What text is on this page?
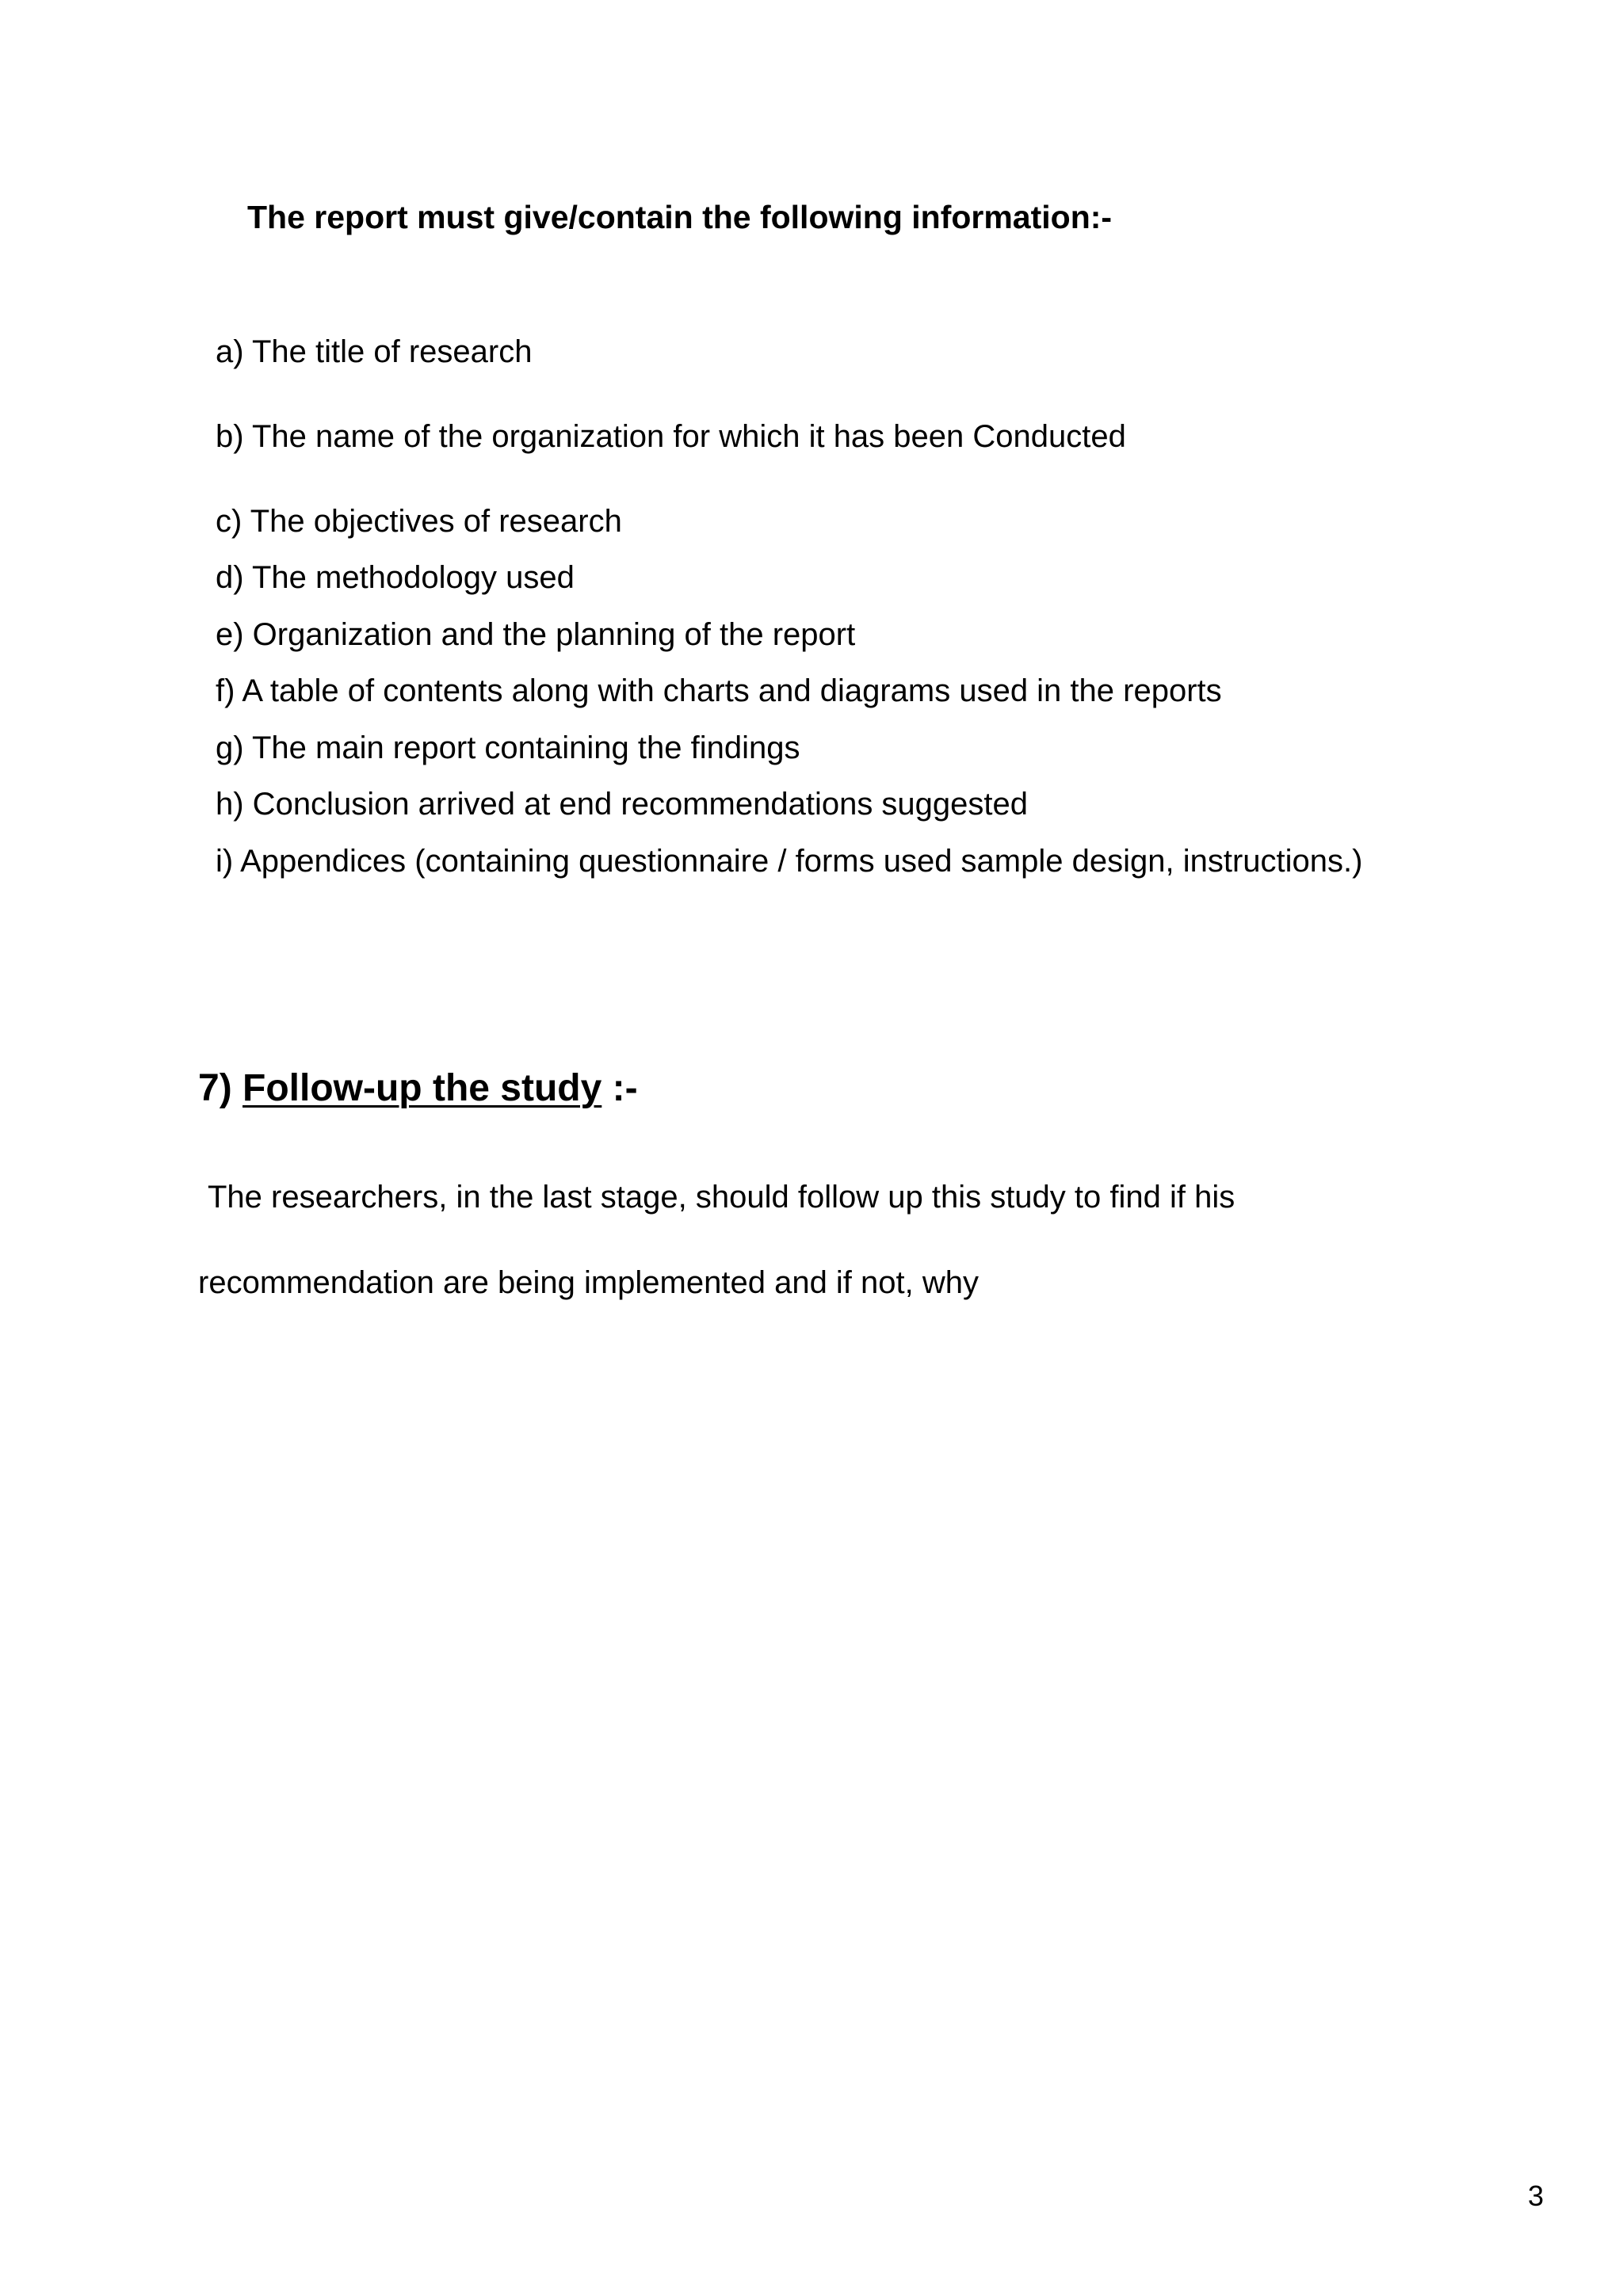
The report must give/contain the following information:-
a) The title of research
b) The name of the organization for which it has been Conducted
c) The objectives of research
d) The methodology used
e) Organization and the planning of the report
f) A table of contents along with charts and diagrams used in the reports
g) The main report containing the findings
h) Conclusion arrived at end recommendations suggested
i) Appendices (containing questionnaire / forms used sample design, instructions.)
7) Follow-up the study :-
The researchers, in the last stage, should follow up this study to find if his
recommendation are being implemented and if not, why
3
